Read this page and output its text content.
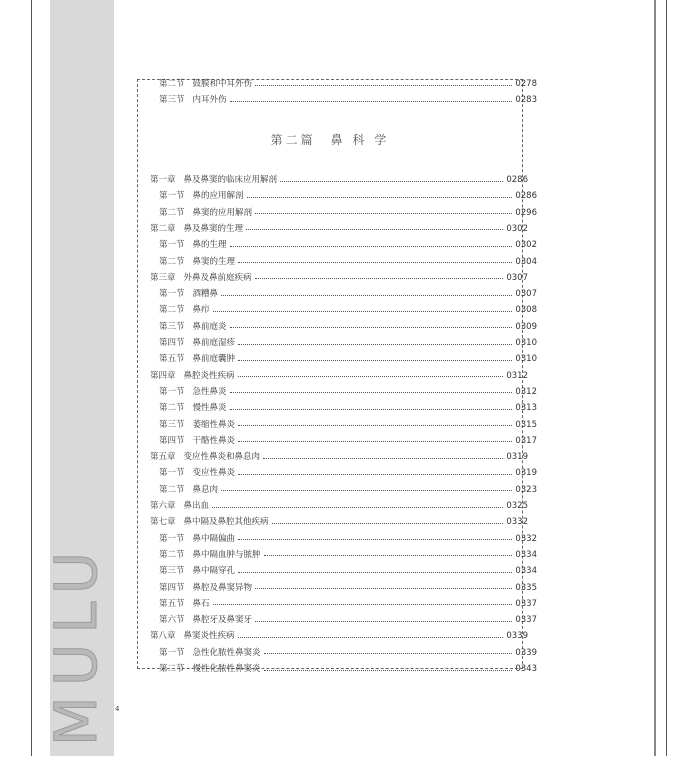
MULU 4
第二篇　鼻 科 学
第二节 鼓膜和中耳外伤	0278
第三节 内耳外伤	0283
第一章 鼻及鼻窦的临床应用解剖	0286
第一节 鼻的应用解剖	0286
第二节 鼻窦的应用解剖	0296
第二章 鼻及鼻窦的生理	0302
第一节 鼻的生理	0302
第二节 鼻窦的生理	0304
第三章 外鼻及鼻前庭疾病	0307
第一节 酒糟鼻	0307
第二节 鼻疖	0308
第三节 鼻前庭炎	0309
第四节 鼻前庭湿疹	0310
第五节 鼻前庭囊肿	0310
第四章 鼻腔炎性疾病	0312
第一节 急性鼻炎	0312
第二节 慢性鼻炎	0313
第三节 萎缩性鼻炎	0315
第四节 干酪性鼻炎	0317
第五章 变应性鼻炎和鼻息肉	0319
第一节 变应性鼻炎	0319
第二节 鼻息肉	0323
第六章 鼻出血	0325
第七章 鼻中隔及鼻腔其他疾病	0332
第一节 鼻中隔偏曲	0332
第二节 鼻中隔血肿与脓肿	0334
第三节 鼻中隔穿孔	0334
第四节 鼻腔及鼻窦异物	0335
第五节 鼻石	0337
第六节 鼻腔牙及鼻窦牙	0337
第八章 鼻窦炎性疾病	0339
第一节 急性化脓性鼻窦炎	0339
第二节 慢性化脓性鼻窦炎	0343
